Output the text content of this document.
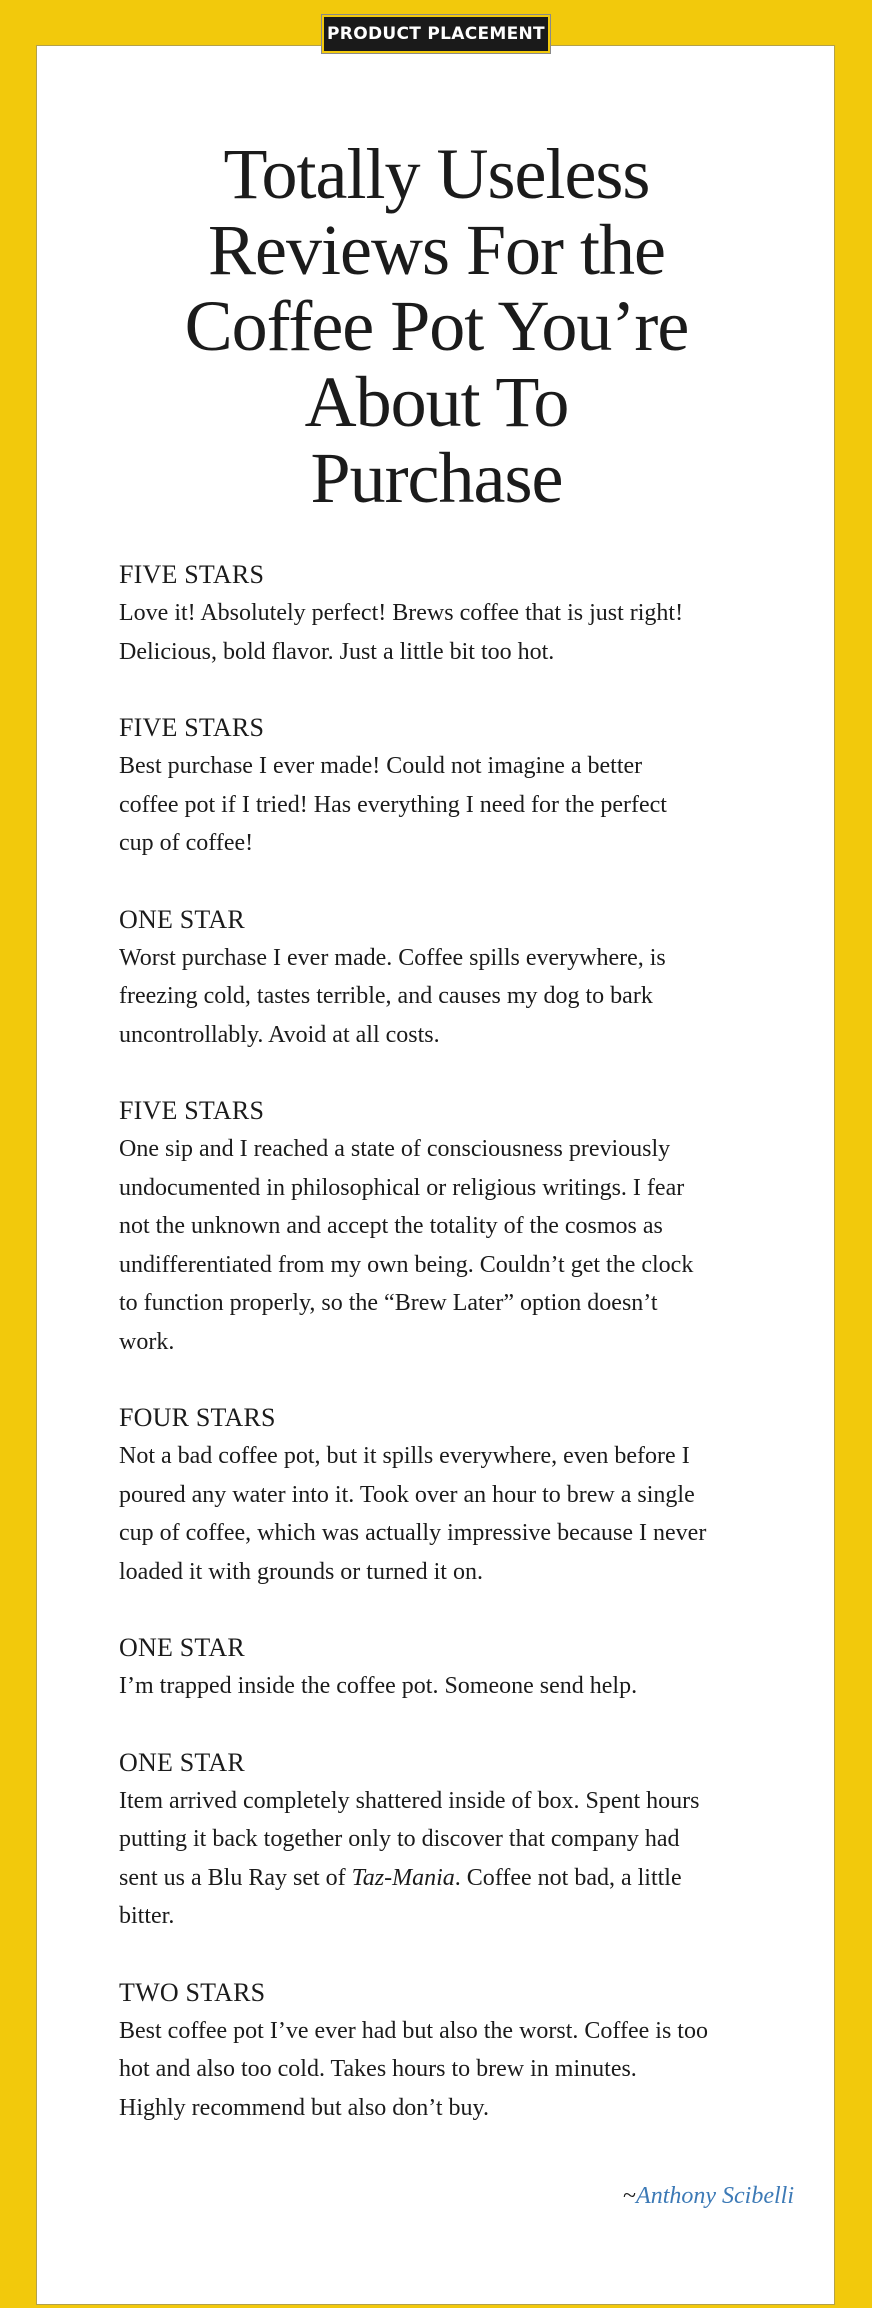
PRODUCT PLACEMENT
Totally Useless
Reviews For the
Coffee Pot You’re
About To
Purchase
FIVE STARS
Love it! Absolutely perfect! Brews coffee that is just right!
Delicious, bold flavor. Just a little bit too hot.
FIVE STARS
Best purchase I ever made! Could not imagine a better
coffee pot if I tried! Has everything I need for the perfect
cup of coffee!
ONE STAR
Worst purchase I ever made. Coffee spills everywhere, is
freezing cold, tastes terrible, and causes my dog to bark
uncontrollably. Avoid at all costs.
FIVE STARS
One sip and I reached a state of consciousness previously
undocumented in philosophical or religious writings. I fear
not the unknown and accept the totality of the cosmos as
undifferentiated from my own being. Couldn’t get the clock
to function properly, so the “Brew Later” option doesn’t
work.
FOUR STARS
Not a bad coffee pot, but it spills everywhere, even before I
poured any water into it. Took over an hour to brew a single
cup of coffee, which was actually impressive because I never
loaded it with grounds or turned it on.
ONE STAR
I’m trapped inside the coffee pot. Someone send help.
ONE STAR
Item arrived completely shattered inside of box. Spent hours
putting it back together only to discover that company had
sent us a Blu Ray set of Taz-Mania. Coffee not bad, a little
bitter.
TWO STARS
Best coffee pot I’ve ever had but also the worst. Coffee is too
hot and also too cold. Takes hours to brew in minutes.
Highly recommend but also don’t buy.
~Anthony Scibelli
